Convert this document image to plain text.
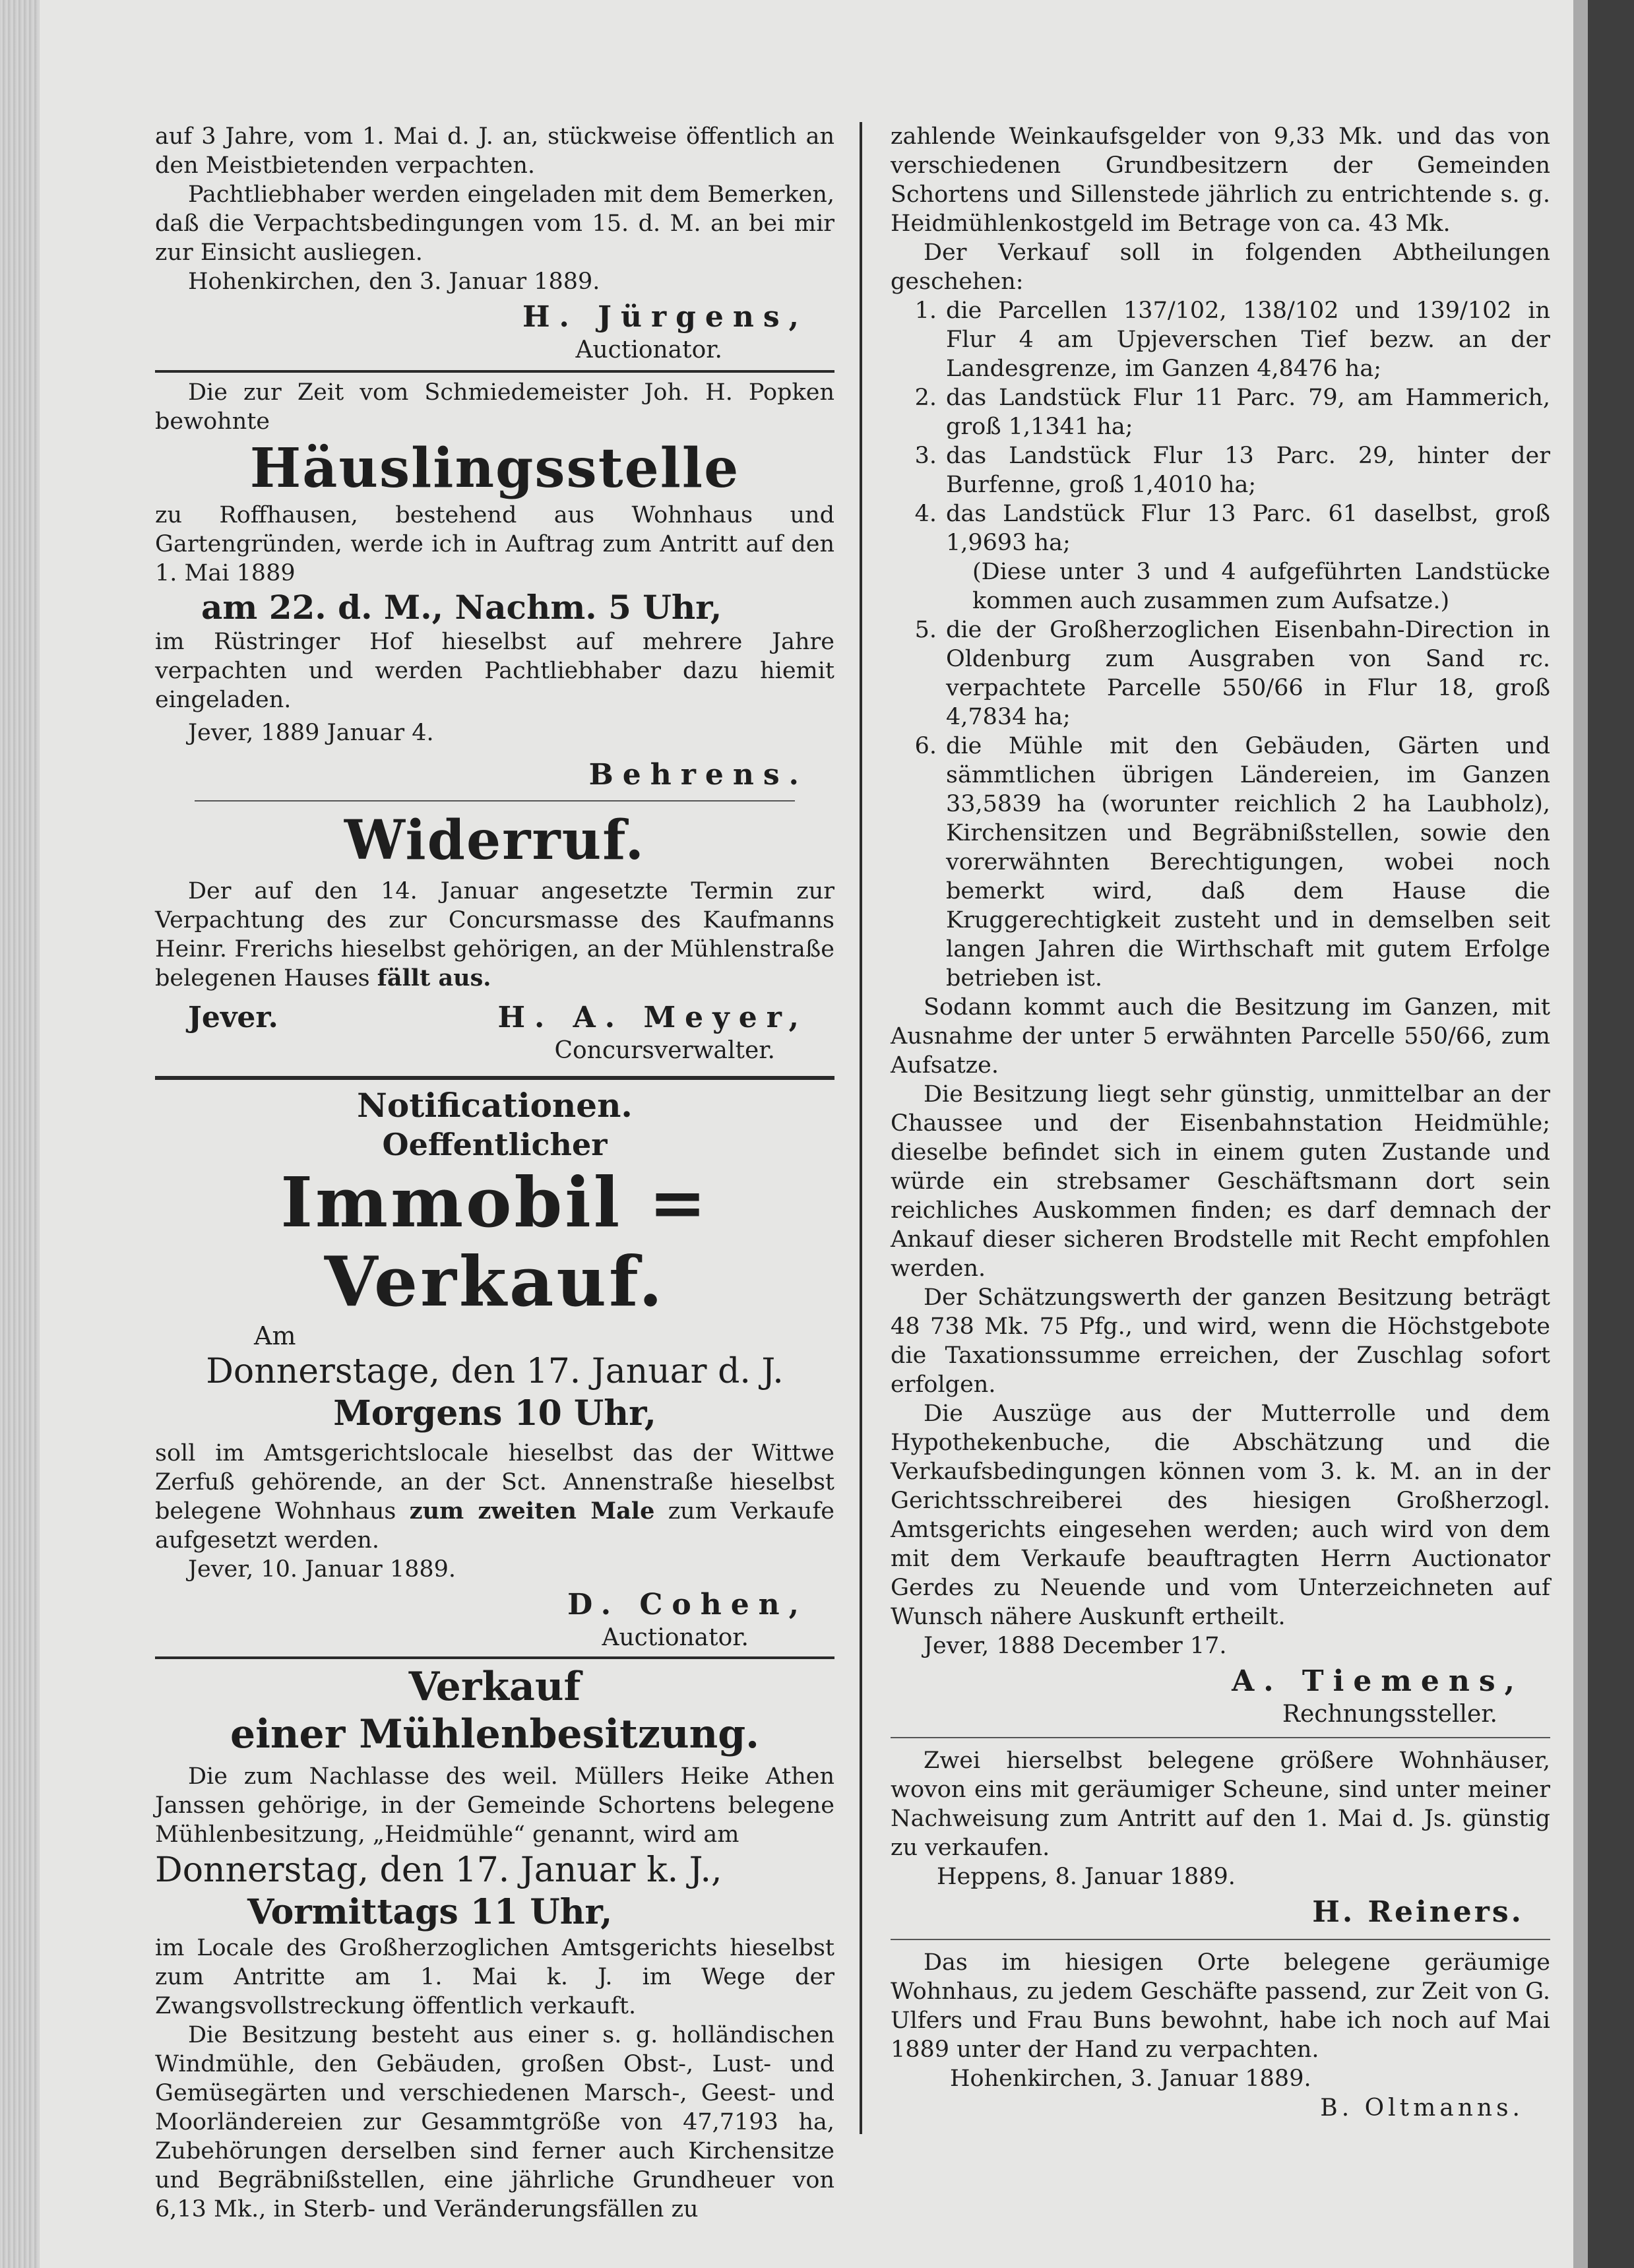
auf 3 Jahre, vom 1. Mai d. J. an, stückweise öffentlich an den Meistbietenden verpachten.

Pachtliebhaber werden eingeladen mit dem Bemerken, daß die Verpachtsbedingungen vom 15. d. M. an bei mir zur Einsicht ausliegen.

Hohenkirchen, den 3. Januar 1889.

H. Jürgens,

Auctionator.

Die zur Zeit vom Schmiedemeister Joh. H. Popken bewohnte

Häuslingsstelle

zu Roffhausen, bestehend aus Wohnhaus und Gartengründen, werde ich in Auftrag zum Antritt auf den 1. Mai 1889

am 22. d. M., Nachm. 5 Uhr,

im Rüstringer Hof hieselbst auf mehrere Jahre verpachten und werden Pachtliebhaber dazu hiemit eingeladen.

Jever, 1889 Januar 4.

Behrens.

Widerruf.

Der auf den 14. Januar angesetzte Termin zur Verpachtung des zur Concursmasse des Kaufmanns Heinr. Frerichs hieselbst gehörigen, an der Mühlenstraße belegenen Hauses fällt aus.

Jever.	H. A. Meyer,

Concursverwalter.

Notificationen.

Oeffentlicher

Immobil = Verkauf.

Am

Donnerstage, den 17. Januar d. J.

Morgens 10 Uhr,

soll im Amtsgerichtslocale hieselbst das der Wittwe Zerfuß gehörende, an der Sct. Annenstraße hieselbst belegene Wohnhaus zum zweiten Male zum Verkaufe aufgesetzt werden.

Jever, 10. Januar 1889.

D. Cohen,

Auctionator.

Verkauf

einer Mühlenbesitzung.

Die zum Nachlasse des weil. Müllers Heike Athen Janssen gehörige, in der Gemeinde Schortens belegene Mühlenbesitzung, „Heidmühle“ genannt, wird am

Donnerstag, den 17. Januar k. J.,

Vormittags 11 Uhr,

im Locale des Großherzoglichen Amtsgerichts hieselbst zum Antritte am 1. Mai k. J. im Wege der Zwangsvollstreckung öffentlich verkauft.

Die Besitzung besteht aus einer s. g. holländischen Windmühle, den Gebäuden, großen Obst-, Lust- und Gemüsegärten und verschiedenen Marsch-, Geest- und Moorländereien zur Gesammtgröße von 47,7193 ha, Zubehörungen derselben sind ferner auch Kirchensitze und Begräbnißstellen, eine jährliche Grundheuer von 6,13 Mk., in Sterb- und Veränderungsfällen zu

zahlende Weinkaufsgelder von 9,33 Mk. und das von verschiedenen Grundbesitzern der Gemeinden Schortens und Sillenstede jährlich zu entrichtende s. g. Heidmühlenkostgeld im Betrage von ca. 43 Mk.

Der Verkauf soll in folgenden Abtheilungen geschehen:

1. die Parcellen 137/102, 138/102 und 139/102 in Flur 4 am Upjeverschen Tief bezw. an der Landesgrenze, im Ganzen 4,8476 ha;
2. das Landstück Flur 11 Parc. 79, am Hammerich, groß 1,1341 ha;
3. das Landstück Flur 13 Parc. 29, hinter der Burfenne, groß 1,4010 ha;
4. das Landstück Flur 13 Parc. 61 daselbst, groß 1,9693 ha;
(Diese unter 3 und 4 aufgeführten Landstücke kommen auch zusammen zum Aufsatze.)
5. die der Großherzoglichen Eisenbahn-Direction in Oldenburg zum Ausgraben von Sand rc. verpachtete Parcelle 550/66 in Flur 18, groß 4,7834 ha;
6. die Mühle mit den Gebäuden, Gärten und sämmtlichen übrigen Ländereien, im Ganzen 33,5839 ha (worunter reichlich 2 ha Laubholz), Kirchensitzen und Begräbnißstellen, sowie den vorerwähnten Berechtigungen, wobei noch bemerkt wird, daß dem Hause die Kruggerechtigkeit zusteht und in demselben seit langen Jahren die Wirthschaft mit gutem Erfolge betrieben ist.

Sodann kommt auch die Besitzung im Ganzen, mit Ausnahme der unter 5 erwähnten Parcelle 550/66, zum Aufsatze.

Die Besitzung liegt sehr günstig, unmittelbar an der Chaussee und der Eisenbahnstation Heidmühle; dieselbe befindet sich in einem guten Zustande und würde ein strebsamer Geschäftsmann dort sein reichliches Auskommen finden; es darf demnach der Ankauf dieser sicheren Brodstelle mit Recht empfohlen werden.

Der Schätzungswerth der ganzen Besitzung beträgt 48 738 Mk. 75 Pfg., und wird, wenn die Höchstgebote die Taxationssumme erreichen, der Zuschlag sofort erfolgen.

Die Auszüge aus der Mutterrolle und dem Hypothekenbuche, die Abschätzung und die Verkaufsbedingungen können vom 3. k. M. an in der Gerichtsschreiberei des hiesigen Großherzogl. Amtsgerichts eingesehen werden; auch wird von dem mit dem Verkaufe beauftragten Herrn Auctionator Gerdes zu Neuende und vom Unterzeichneten auf Wunsch nähere Auskunft ertheilt.

Jever, 1888 December 17.

A. Tiemens,

Rechnungssteller.

Zwei hierselbst belegene größere Wohnhäuser, wovon eins mit geräumiger Scheune, sind unter meiner Nachweisung zum Antritt auf den 1. Mai d. Js. günstig zu verkaufen.

Heppens, 8. Januar 1889.

H. Reiners.

Das im hiesigen Orte belegene geräumige Wohnhaus, zu jedem Geschäfte passend, zur Zeit von G. Ulfers und Frau Buns bewohnt, habe ich noch auf Mai 1889 unter der Hand zu verpachten.

Hohenkirchen, 3. Januar 1889.

B. Oltmanns.
